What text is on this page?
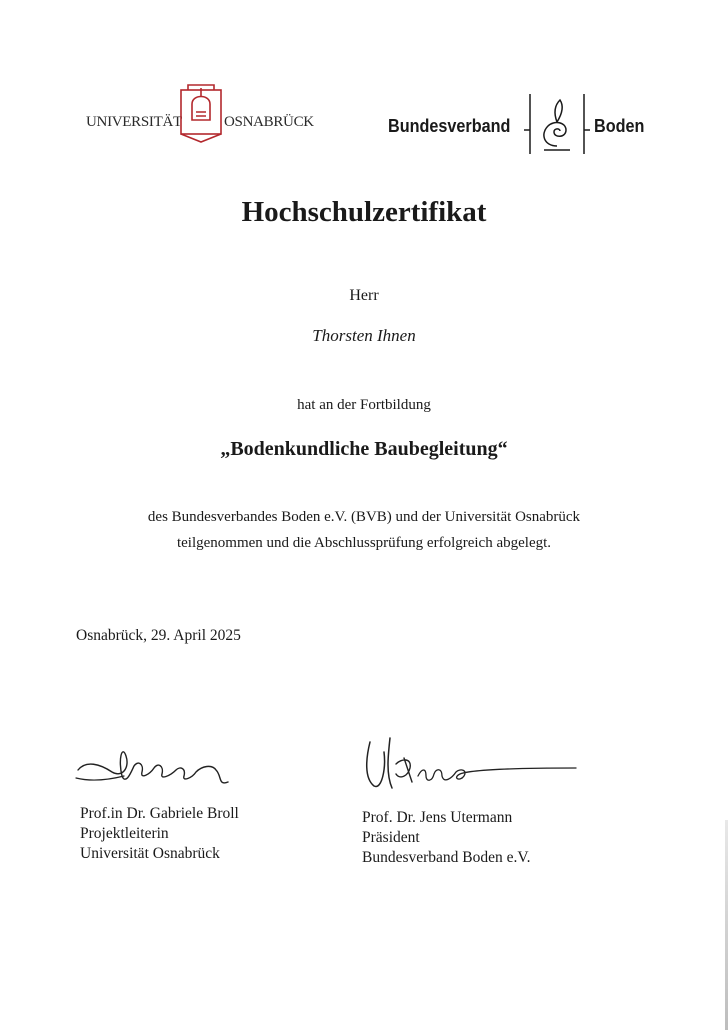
UNIVERSITÄT	OSNABRÜCK	Bundesverband	Boden
Hochschulzertifikat
Herr
Thorsten Ihnen
hat an der Fortbildung
„Bodenkundliche Baubegleitung“
des Bundesverbandes Boden e.V. (BVB) und der Universität Osnabrück
teilgenommen und die Abschlussprüfung erfolgreich abgelegt.
Osnabrück, 29. April 2025
Prof.in Dr. Gabriele Broll
Projektleiterin
Universität Osnabrück
Prof. Dr. Jens Utermann
Präsident
Bundesverband Boden e.V.
